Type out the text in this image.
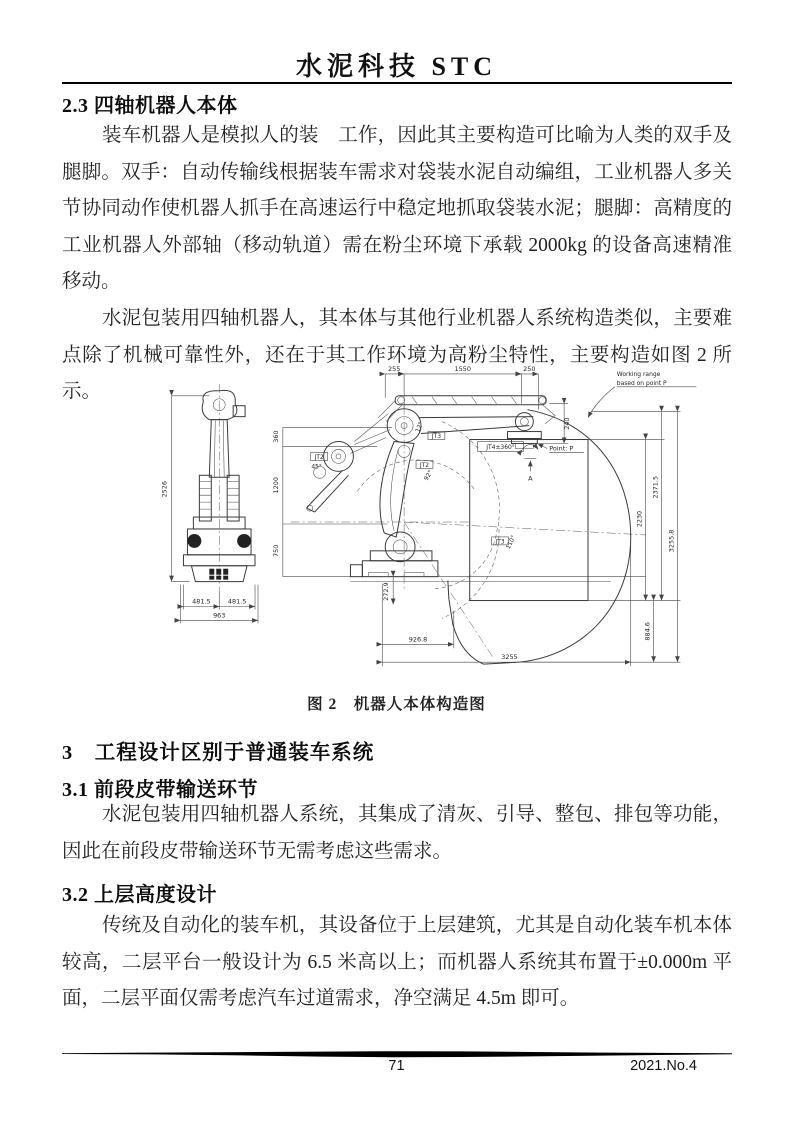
水泥科技 STC
2.3 四轴机器人本体

装车机器人是模拟人的装　工作，因此其主要构造可比喻为人类的双手及腿脚。双手：自动传输线根据装车需求对袋装水泥自动编组，工业机器人多关节协同动作使机器人抓手在高速运行中稳定地抓取袋装水泥；腿脚：高精度的工业机器人外部轴（移动轨道）需在粉尘环境下承载 2000kg 的设备高速精准移动。

水泥包装用四轴机器人，其本体与其他行业机器人系统构造类似，主要难点除了机械可靠性外，还在于其工作环境为高粉尘特性，主要构造如图 2 所示。

2526
481.5	481.5
963
255	1550	250
360
1200
750
240
JT4±360°
A
Point: P
JT3
12°
JT2
45°	JT2
92°
JT3 110°
2230
2371.5
3255.8
884.6
272.9
926.8
3255
Working range
based on point P
图 2　机器人本体构造图
3　工程设计区别于普通装车系统
3.1 前段皮带输送环节

水泥包装用四轴机器人系统，其集成了清灰、引导、整包、排包等功能，因此在前段皮带输送环节无需考虑这些需求。

3.2 上层高度设计

传统及自动化的装车机，其设备位于上层建筑，尤其是自动化装车机本体较高，二层平台一般设计为 6.5 米高以上；而机器人系统其布置于±0.000m 平面，二层平面仅需考虑汽车过道需求，净空满足 4.5m 即可。

71	2021.No.4
